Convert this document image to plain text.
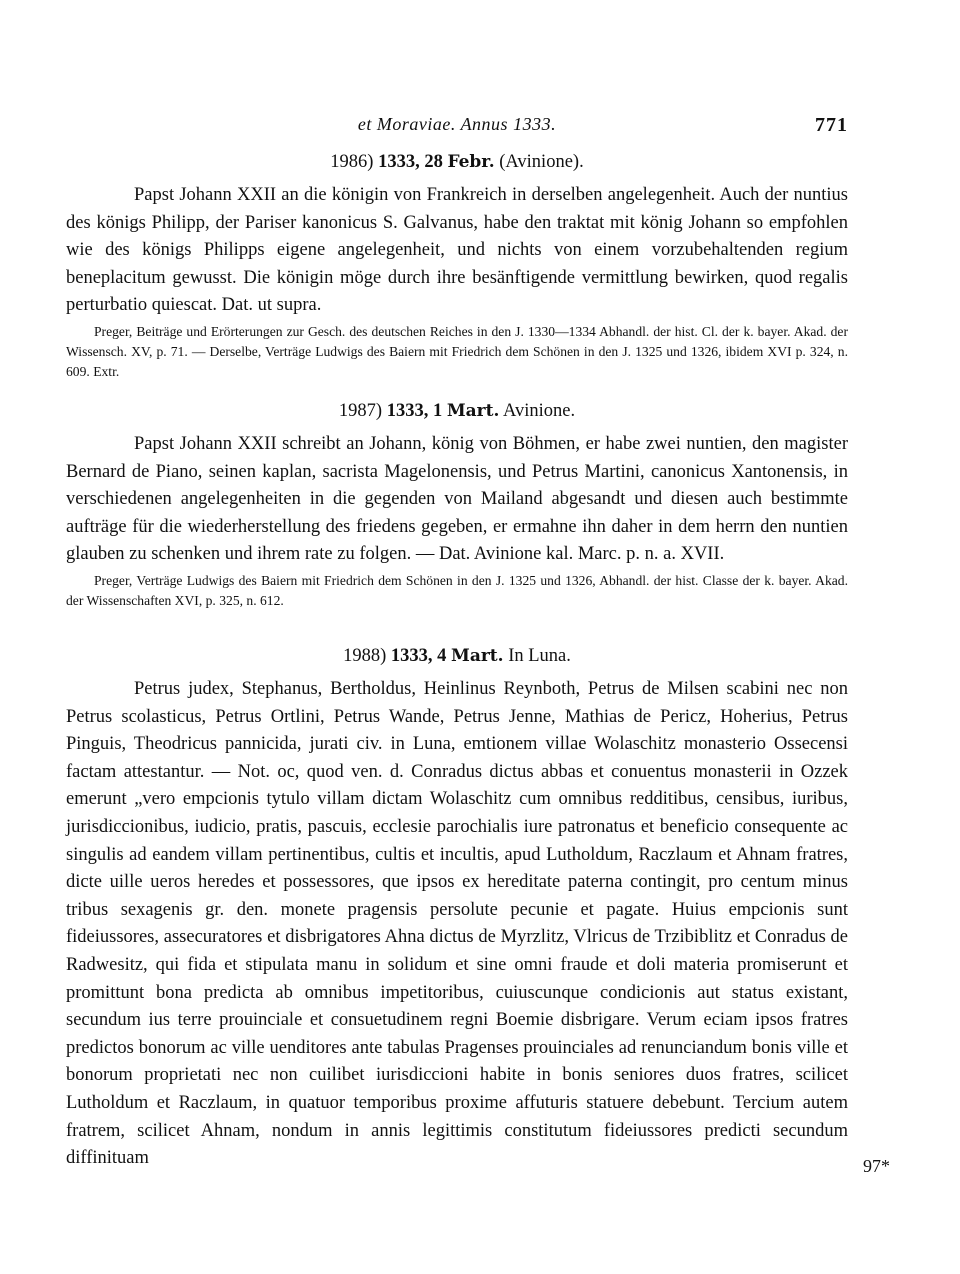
et Moraviae. Annus 1333.	771
1986) 1333, 28 Febr. (Avinione).

Papst Johann XXII an die königin von Frankreich in derselben angelegenheit. Auch der nuntius des königs Philipp, der Pariser kanonicus S. Galvanus, habe den traktat mit könig Johann so empfohlen wie des königs Philipps eigene angelegenheit, und nichts von einem vorzubehaltenden regium beneplacitum gewusst. Die königin möge durch ihre besänftigende vermittlung bewirken, quod regalis perturbatio quiescat. Dat. ut supra.

Preger, Beiträge und Erörterungen zur Gesch. des deutschen Reiches in den J. 1330—1334 Abhandl. der hist. Cl. der k. bayer. Akad. der Wissensch. XV, p. 71. — Derselbe, Verträge Ludwigs des Baiern mit Friedrich dem Schönen in den J. 1325 und 1326, ibidem XVI p. 324, n. 609. Extr.

1987) 1333, 1 Mart. Avinione.

Papst Johann XXII schreibt an Johann, könig von Böhmen, er habe zwei nuntien, den magister Bernard de Piano, seinen kaplan, sacrista Magelonensis, und Petrus Martini, canonicus Xantonensis, in verschiedenen angelegenheiten in die gegenden von Mailand abgesandt und diesen auch bestimmte aufträge für die wiederherstellung des friedens gegeben, er ermahne ihn daher in dem herrn den nuntien glauben zu schenken und ihrem rate zu folgen. — Dat. Avinione kal. Marc. p. n. a. XVII.

Preger, Verträge Ludwigs des Baiern mit Friedrich dem Schönen in den J. 1325 und 1326, Abhandl. der hist. Classe der k. bayer. Akad. der Wissenschaften XVI, p. 325, n. 612.

1988) 1333, 4 Mart. In Luna.

Petrus judex, Stephanus, Bertholdus, Heinlinus Reynboth, Petrus de Milsen scabini nec non Petrus scolasticus, Petrus Ortlini, Petrus Wande, Petrus Jenne, Mathias de Pericz, Hoherius, Petrus Pinguis, Theodricus pannicida, jurati civ. in Luna, emtionem villae Wolaschitz monasterio Ossecensi factam attestantur. — Not. oc, quod ven. d. Conradus dictus abbas et conuentus monasterii in Ozzek emerunt „vero empcionis tytulo villam dictam Wolaschitz cum omnibus redditibus, censibus, iuribus, jurisdiccionibus, iudicio, pratis, pascuis, ecclesie parochialis iure patronatus et beneficio consequente ac singulis ad eandem villam pertinentibus, cultis et incultis, apud Lutholdum, Raczlaum et Ahnam fratres, dicte uille ueros heredes et possessores, que ipsos ex hereditate paterna contingit, pro centum minus tribus sexagenis gr. den. monete pragensis persolute pecunie et pagate. Huius empcionis sunt fideiussores, assecuratores et disbrigatores Ahna dictus de Myrzlitz, Vlricus de Trzibiblitz et Conradus de Radwesitz, qui fida et stipulata manu in solidum et sine omni fraude et doli materia promiserunt et promittunt bona predicta ab omnibus impetitoribus, cuiuscunque condicionis aut status existant, secundum ius terre prouinciale et consuetudinem regni Boemie disbrigare. Verum eciam ipsos fratres predictos bonorum ac ville uenditores ante tabulas Pragenses prouinciales ad renunciandum bonis ville et bonorum proprietati nec non cuilibet iurisdiccioni habite in bonis seniores duos fratres, scilicet Lutholdum et Raczlaum, in quatuor temporibus proxime affuturis statuere debebunt. Tercium autem fratrem, scilicet Ahnam, nondum in annis legittimis constitutum fideiussores predicti secundum diffinituam	97*
